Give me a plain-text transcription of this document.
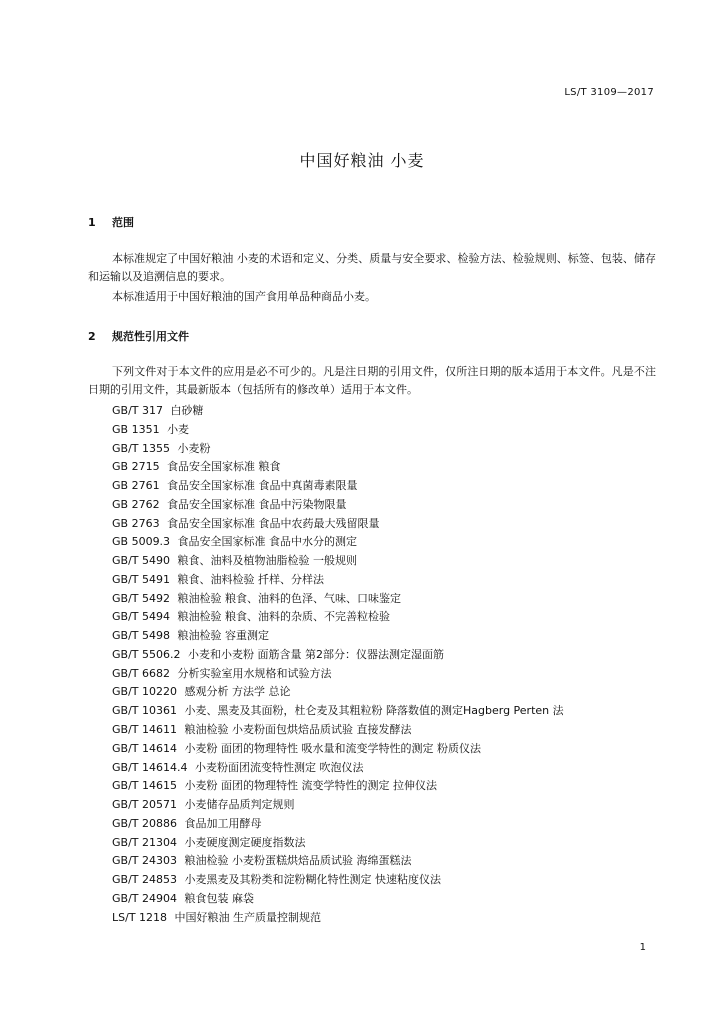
LS/T 3109—2017
中国好粮油 小麦
1 范围

本标准规定了中国好粮油 小麦的术语和定义、分类、质量与安全要求、检验方法、检验规则、标签、包装、储存和运输以及追溯信息的要求。

本标准适用于中国好粮油的国产食用单品种商品小麦。

2 规范性引用文件

下列文件对于本文件的应用是必不可少的。凡是注日期的引用文件，仅所注日期的版本适用于本文件。凡是不注日期的引用文件，其最新版本（包括所有的修改单）适用于本文件。

GB/T 317 白砂糖
GB 1351 小麦
GB/T 1355 小麦粉
GB 2715 食品安全国家标准 粮食
GB 2761 食品安全国家标准 食品中真菌毒素限量
GB 2762 食品安全国家标准 食品中污染物限量
GB 2763 食品安全国家标准 食品中农药最大残留限量
GB 5009.3 食品安全国家标准 食品中水分的测定
GB/T 5490 粮食、油料及植物油脂检验 一般规则
GB/T 5491 粮食、油料检验 扦样、分样法
GB/T 5492 粮油检验 粮食、油料的色泽、气味、口味鉴定
GB/T 5494 粮油检验 粮食、油料的杂质、不完善粒检验
GB/T 5498 粮油检验 容重测定
GB/T 5506.2 小麦和小麦粉 面筋含量 第2部分：仪器法测定湿面筋
GB/T 6682 分析实验室用水规格和试验方法
GB/T 10220 感观分析 方法学 总论
GB/T 10361 小麦、黑麦及其面粉，杜仑麦及其粗粒粉 降落数值的测定Hagberg Perten 法
GB/T 14611 粮油检验 小麦粉面包烘焙品质试验 直接发酵法
GB/T 14614 小麦粉 面团的物理特性 吸水量和流变学特性的测定 粉质仪法
GB/T 14614.4 小麦粉面团流变特性测定 吹泡仪法
GB/T 14615 小麦粉 面团的物理特性 流变学特性的测定 拉伸仪法
GB/T 20571 小麦储存品质判定规则
GB/T 20886 食品加工用酵母
GB/T 21304 小麦硬度测定硬度指数法
GB/T 24303 粮油检验 小麦粉蛋糕烘焙品质试验 海绵蛋糕法
GB/T 24853 小麦黑麦及其粉类和淀粉糊化特性测定 快速粘度仪法
GB/T 24904 粮食包装 麻袋
LS/T 1218 中国好粮油 生产质量控制规范
1
